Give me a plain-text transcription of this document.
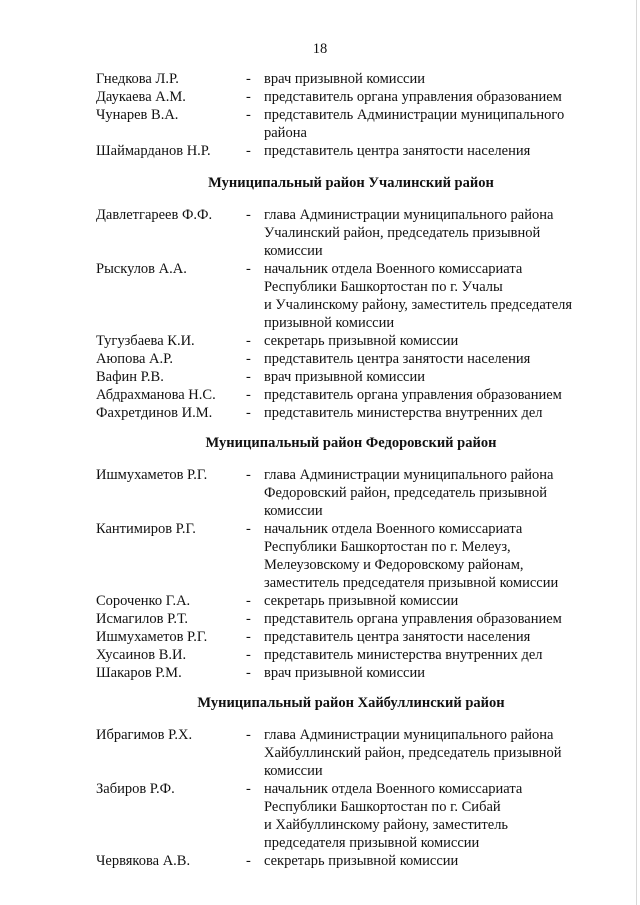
18
Гнедкова Л.Р.	- врач призывной комиссии
Даукаева А.М.	- представитель органа управления образованием
Чунарев В.А.	- представитель Администрации муниципального
района
Шаймарданов Н.Р.	- представитель центра занятости населения
Муниципальный район Учалинский район
Давлетгареев Ф.Ф.	- глава Администрации муниципального района
Учалинский район, председатель призывной
комиссии
Рыскулов А.А.	- начальник отдела Военного комиссариата
Республики Башкортостан по г. Учалы
и Учалинскому району, заместитель председателя
призывной комиссии
Тугузбаева К.И.	- секретарь призывной комиссии
Аюпова А.Р.	- представитель центра занятости населения
Вафин Р.В.	- врач призывной комиссии
Абдрахманова Н.С.	- представитель органа управления образованием
Фахретдинов И.М.	- представитель министерства внутренних дел
Муниципальный район Федоровский район
Ишмухаметов Р.Г.	- глава Администрации муниципального района
Федоровский район, председатель призывной
комиссии
Кантимиров Р.Г.	- начальник отдела Военного комиссариата
Республики Башкортостан по г. Мелеуз,
Мелеузовскому и Федоровскому районам,
заместитель председателя призывной комиссии
Сороченко Г.А.	- секретарь призывной комиссии
Исмагилов Р.Т.	- представитель органа управления образованием
Ишмухаметов Р.Г.	- представитель центра занятости населения
Хусаинов В.И.	- представитель министерства внутренних дел
Шакаров Р.М.	- врач призывной комиссии
Муниципальный район Хайбуллинский район
Ибрагимов Р.Х.	- глава Администрации муниципального района
Хайбуллинский район, председатель призывной
комиссии
Забиров Р.Ф.	- начальник отдела Военного комиссариата
Республики Башкортостан по г. Сибай
и Хайбуллинскому району, заместитель
председателя призывной комиссии
Червякова А.В.	- секретарь призывной комиссии
